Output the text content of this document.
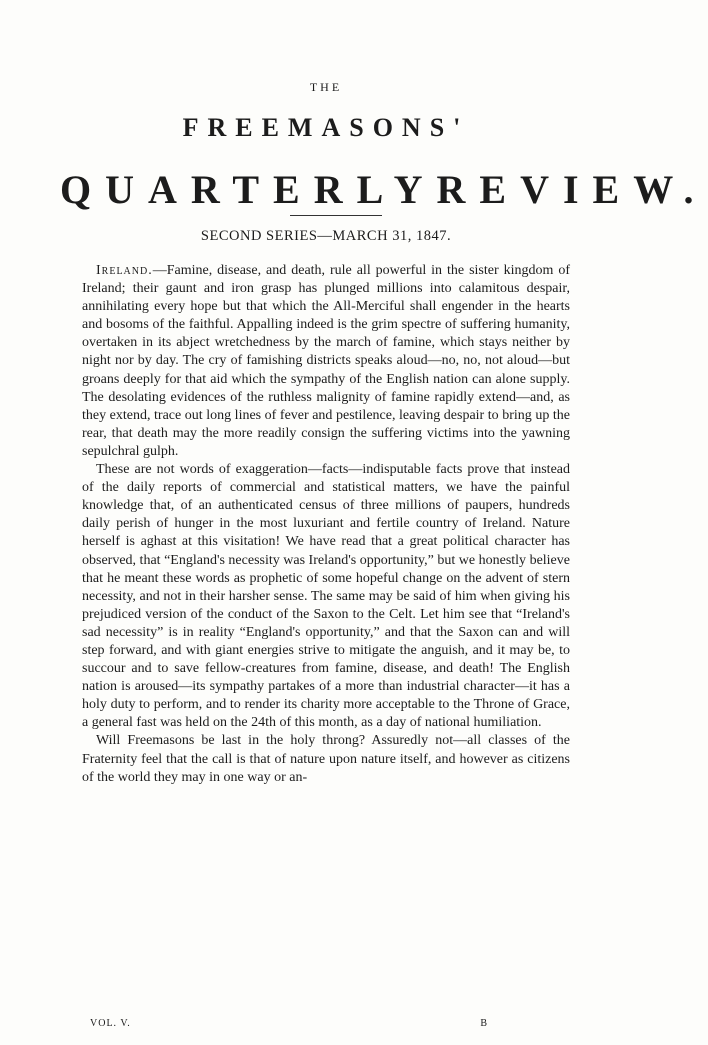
THE
FREEMASONS'
QUARTERLY REVIEW.
SECOND SERIES—MARCH 31, 1847.

Ireland.—Famine, disease, and death, rule all powerful in the sister kingdom of Ireland; their gaunt and iron grasp has plunged millions into calamitous despair, annihilating every hope but that which the All-Merciful shall engender in the hearts and bosoms of the faithful. Appalling indeed is the grim spectre of suffering humanity, overtaken in its abject wretchedness by the march of famine, which stays neither by night nor by day. The cry of famishing districts speaks aloud—no, no, not aloud—but groans deeply for that aid which the sympathy of the English nation can alone supply. The desolating evidences of the ruthless malignity of famine rapidly extend—and, as they extend, trace out long lines of fever and pestilence, leaving despair to bring up the rear, that death may the more readily consign the suffering victims into the yawning sepulchral gulph.

These are not words of exaggeration—facts—indisputable facts prove that instead of the daily reports of commercial and statistical matters, we have the painful knowledge that, of an authenticated census of three millions of paupers, hundreds daily perish of hunger in the most luxuriant and fertile country of Ireland. Nature herself is aghast at this visitation! We have read that a great political character has observed, that “England's necessity was Ireland's opportunity,” but we honestly believe that he meant these words as prophetic of some hopeful change on the advent of stern necessity, and not in their harsher sense. The same may be said of him when giving his prejudiced version of the conduct of the Saxon to the Celt. Let him see that “Ireland's sad necessity” is in reality “England's opportunity,” and that the Saxon can and will step forward, and with giant energies strive to mitigate the anguish, and it may be, to succour and to save fellow-creatures from famine, disease, and death! The English nation is aroused—its sympathy partakes of a more than industrial character—it has a holy duty to perform, and to render its charity more acceptable to the Throne of Grace, a general fast was held on the 24th of this month, as a day of national humiliation.

Will Freemasons be last in the holy throng? Assuredly not—all classes of the Fraternity feel that the call is that of nature upon nature itself, and however as citizens of the world they may in one way or an-

VOL. V.	B
